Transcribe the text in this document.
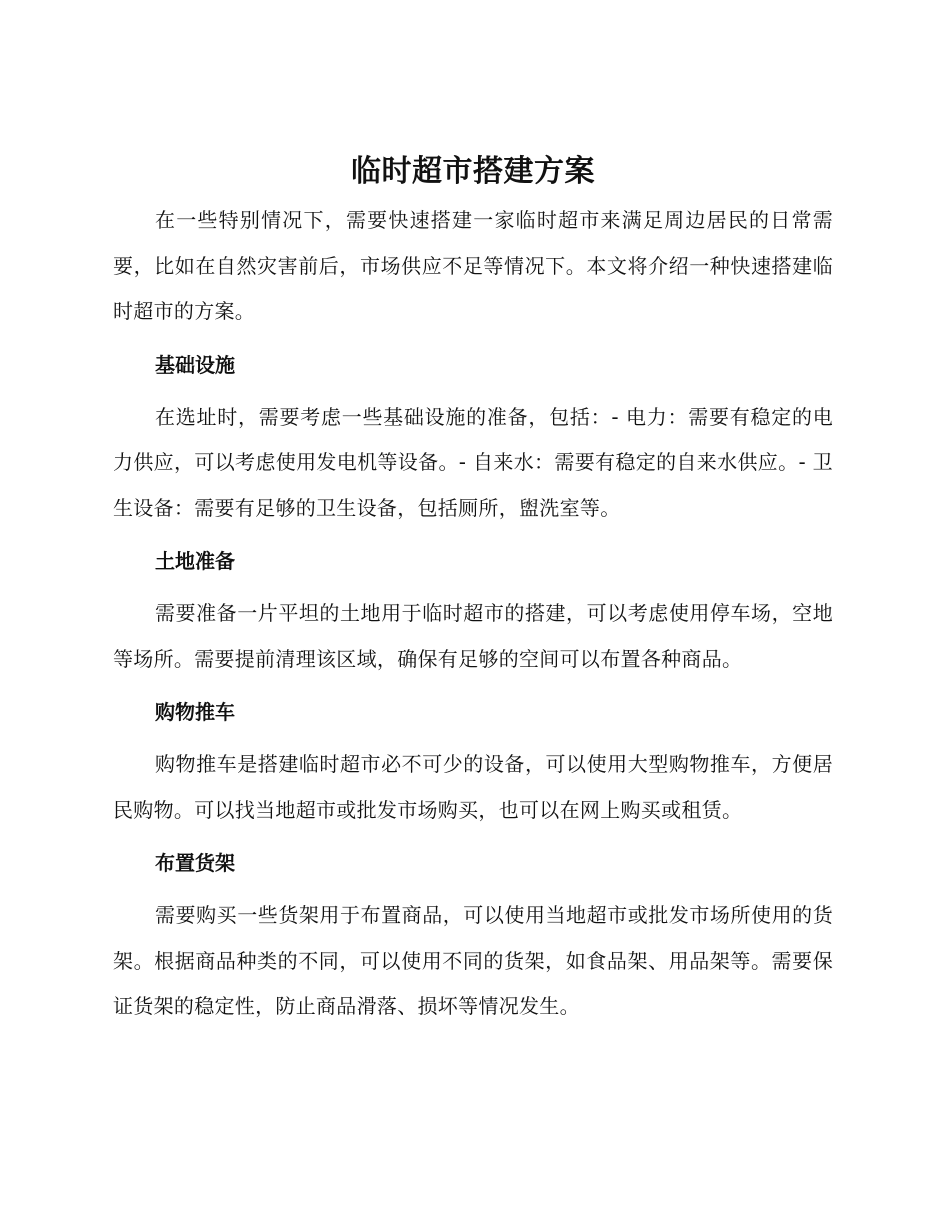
临时超市搭建方案

在一些特别情况下，需要快速搭建一家临时超市来满足周边居民的日常需要，比如在自然灾害前后，市场供应不足等情况下。本文将介绍一种快速搭建临时超市的方案。

基础设施

在选址时，需要考虑一些基础设施的准备，包括：- 电力：需要有稳定的电力供应，可以考虑使用发电机等设备。- 自来水：需要有稳定的自来水供应。- 卫生设备：需要有足够的卫生设备，包括厕所，盥洗室等。

土地准备

需要准备一片平坦的土地用于临时超市的搭建，可以考虑使用停车场，空地等场所。需要提前清理该区域，确保有足够的空间可以布置各种商品。

购物推车

购物推车是搭建临时超市必不可少的设备，可以使用大型购物推车，方便居民购物。可以找当地超市或批发市场购买，也可以在网上购买或租赁。

布置货架

需要购买一些货架用于布置商品，可以使用当地超市或批发市场所使用的货架。根据商品种类的不同，可以使用不同的货架，如食品架、用品架等。需要保证货架的稳定性，防止商品滑落、损坏等情况发生。
